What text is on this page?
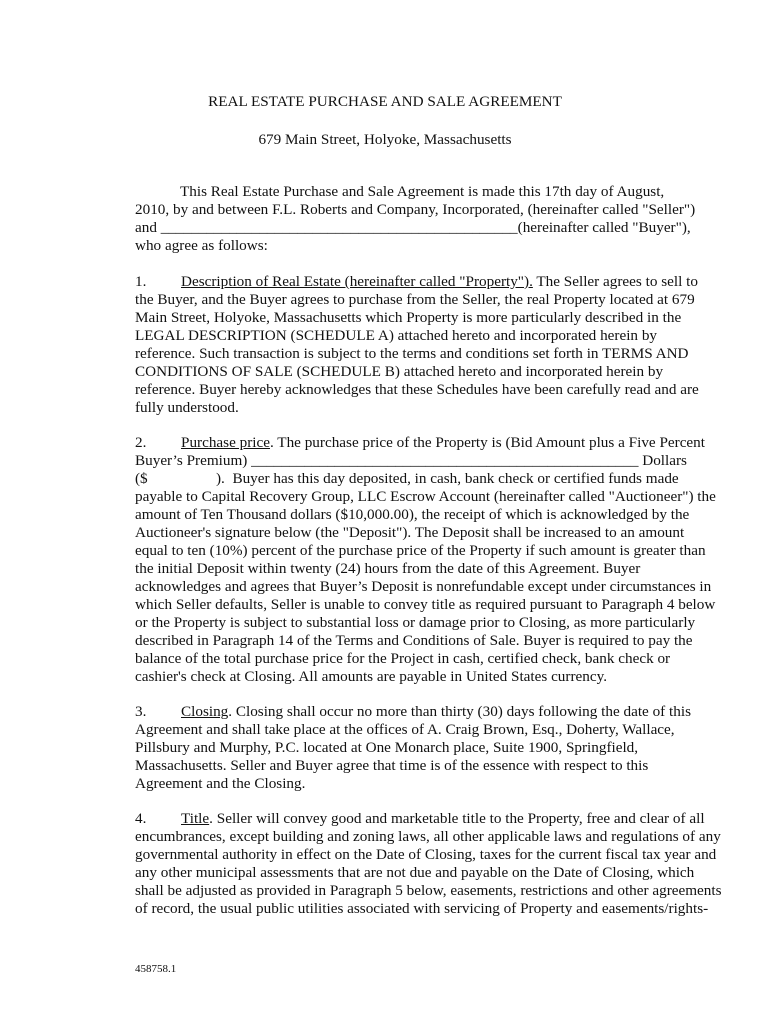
REAL ESTATE PURCHASE AND SALE AGREEMENT
679 Main Street, Holyoke, Massachusetts
This Real Estate Purchase and Sale Agreement is made this 17th day of August,
2010, by and between F.L. Roberts and Company, Incorporated, (hereinafter called "Seller")
and _______________________________________________(hereinafter called "Buyer"),
who agree as follows:
1. Description of Real Estate (hereinafter called "Property"). The Seller agrees to sell to
the Buyer, and the Buyer agrees to purchase from the Seller, the real Property located at 679
Main Street, Holyoke, Massachusetts which Property is more particularly described in the
LEGAL DESCRIPTION (SCHEDULE A) attached hereto and incorporated herein by
reference. Such transaction is subject to the terms and conditions set forth in TERMS AND
CONDITIONS OF SALE (SCHEDULE B) attached hereto and incorporated herein by
reference. Buyer hereby acknowledges that these Schedules have been carefully read and are
fully understood.
2. Purchase price. The purchase price of the Property is (Bid Amount plus a Five Percent
Buyer’s Premium) ___________________________________________________ Dollars
($                  ).  Buyer has this day deposited, in cash, bank check or certified funds made
payable to Capital Recovery Group, LLC Escrow Account (hereinafter called "Auctioneer") the
amount of Ten Thousand dollars ($10,000.00), the receipt of which is acknowledged by the
Auctioneer's signature below (the "Deposit"). The Deposit shall be increased to an amount
equal to ten (10%) percent of the purchase price of the Property if such amount is greater than
the initial Deposit within twenty (24) hours from the date of this Agreement. Buyer
acknowledges and agrees that Buyer’s Deposit is nonrefundable except under circumstances in
which Seller defaults, Seller is unable to convey title as required pursuant to Paragraph 4 below
or the Property is subject to substantial loss or damage prior to Closing, as more particularly
described in Paragraph 14 of the Terms and Conditions of Sale. Buyer is required to pay the
balance of the total purchase price for the Project in cash, certified check, bank check or
cashier's check at Closing. All amounts are payable in United States currency.
3. Closing. Closing shall occur no more than thirty (30) days following the date of this
Agreement and shall take place at the offices of A. Craig Brown, Esq., Doherty, Wallace,
Pillsbury and Murphy, P.C. located at One Monarch place, Suite 1900, Springfield,
Massachusetts. Seller and Buyer agree that time is of the essence with respect to this
Agreement and the Closing.
4. Title. Seller will convey good and marketable title to the Property, free and clear of all
encumbrances, except building and zoning laws, all other applicable laws and regulations of any
governmental authority in effect on the Date of Closing, taxes for the current fiscal tax year and
any other municipal assessments that are not due and payable on the Date of Closing, which
shall be adjusted as provided in Paragraph 5 below, easements, restrictions and other agreements
of record, the usual public utilities associated with servicing of Property and easements/rights-
458758.1
